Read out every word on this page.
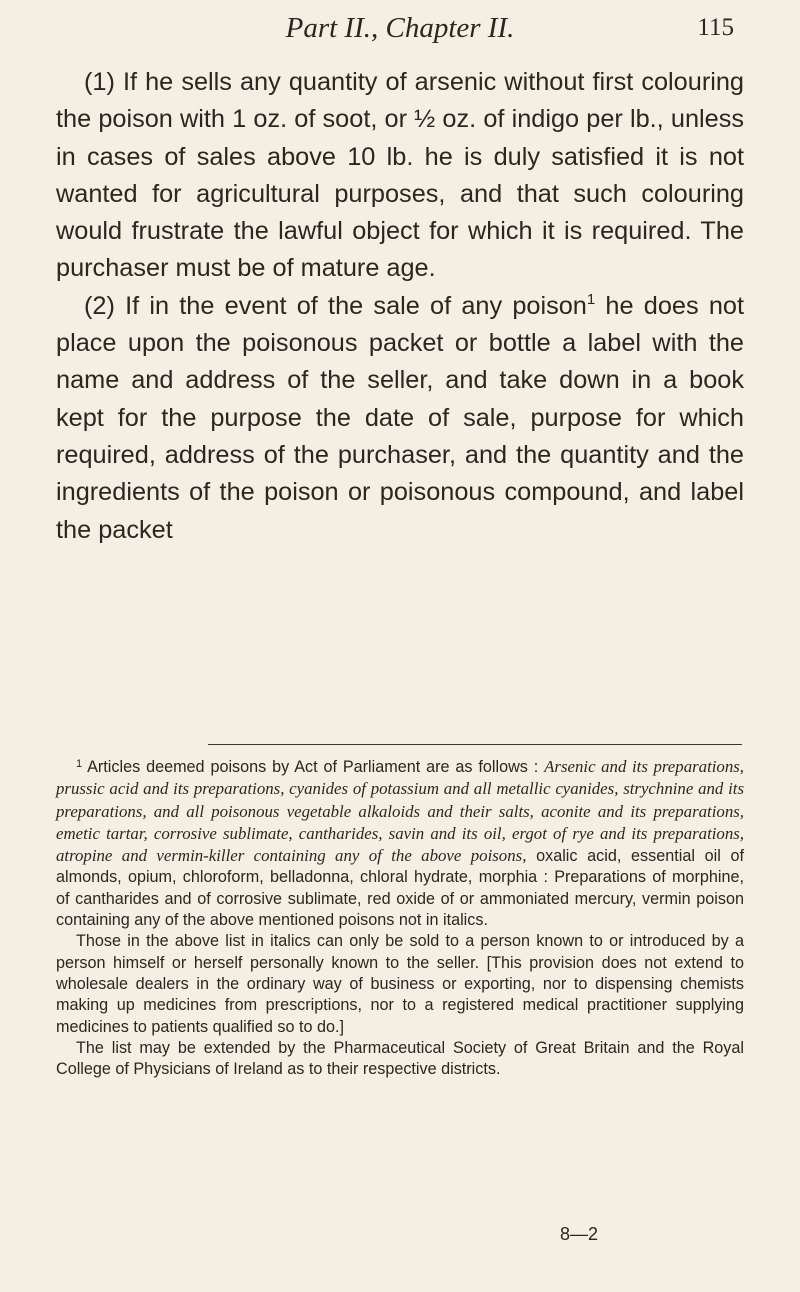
Part II., Chapter II.	115

(1) If he sells any quantity of arsenic without first colouring the poison with 1 oz. of soot, or ½ oz. of indigo per lb., unless in cases of sales above 10 lb. he is duly satisfied it is not wanted for agricultural purposes, and that such colouring would frustrate the lawful object for which it is required. The purchaser must be of mature age.

(2) If in the event of the sale of any poison$^1$ he does not place upon the poisonous packet or bottle a label with the name and address of the seller, and take down in a book kept for the purpose the date of sale, purpose for which required, address of the purchaser, and the quantity and the ingredients of the poison or poisonous compound, and label the packet

$^1$ Articles deemed poisons by Act of Parliament are as follows : Arsenic and its preparations, prussic acid and its preparations, cyanides of potassium and all metallic cyanides, strychnine and its preparations, and all poisonous vegetable alkaloids and their salts, aconite and its preparations, emetic tartar, corrosive sublimate, cantharides, savin and its oil, ergot of rye and its preparations, atropine and vermin-killer containing any of the above poisons, oxalic acid, essential oil of almonds, opium, chloroform, belladonna, chloral hydrate, morphia : Preparations of morphine, of cantharides and of corrosive sublimate, red oxide of or ammoniated mercury, vermin poison containing any of the above mentioned poisons not in italics.

Those in the above list in italics can only be sold to a person known to or introduced by a person himself or herself personally known to the seller. [This provision does not extend to wholesale dealers in the ordinary way of business or exporting, nor to dispensing chemists making up medicines from prescriptions, nor to a registered medical practitioner supplying medicines to patients qualified so to do.]

The list may be extended by the Pharmaceutical Society of Great Britain and the Royal College of Physicians of Ireland as to their respective districts.

8—2
